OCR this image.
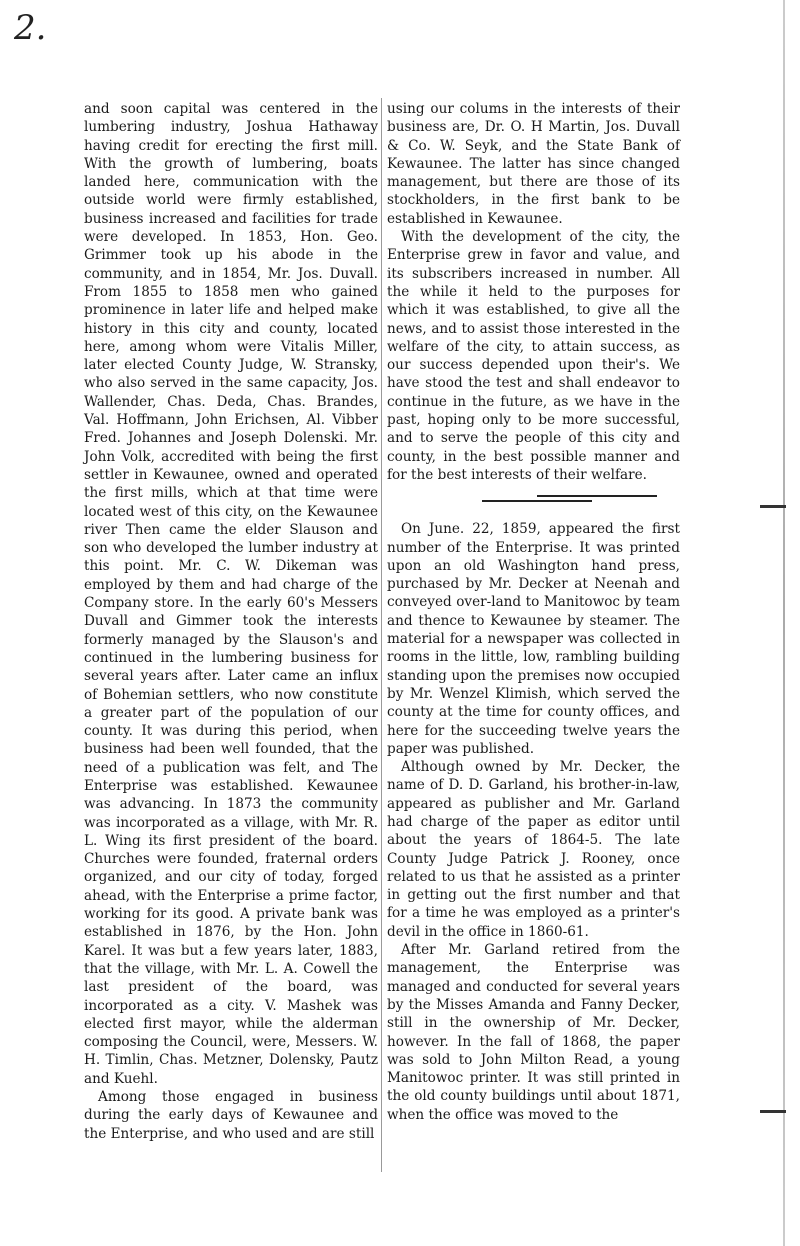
2.

and soon capital was centered in the lumbering industry, Joshua Hathaway having credit for erecting the first mill. With the growth of lumbering, boats landed here, communication with the outside world were firmly established, business increased and facilities for trade were developed. In 1853, Hon. Geo. Grimmer took up his abode in the community, and in 1854, Mr. Jos. Duvall. From 1855 to 1858 men who gained prominence in later life and helped make history in this city and county, located here, among whom were Vitalis Miller, later elected County Judge, W. Stransky, who also served in the same capacity, Jos. Wallender, Chas. Deda, Chas. Brandes, Val. Hoffmann, John Erichsen, Al. Vibber Fred. Johannes and Joseph Dolenski. Mr. John Volk, accredited with being the first settler in Kewaunee, owned and operated the first mills, which at that time were located west of this city, on the Kewaunee river Then came the elder Slauson and son who developed the lumber industry at this point. Mr. C. W. Dikeman was employed by them and had charge of the Company store. In the early 60's Messers Duvall and Gimmer took the interests formerly managed by the Slauson's and continued in the lumbering business for several years after. Later came an influx of Bohemian settlers, who now constitute a greater part of the population of our county. It was during this period, when business had been well founded, that the need of a publication was felt, and The Enterprise was established. Kewaunee was advancing. In 1873 the community was incorporated as a village, with Mr. R. L. Wing its first president of the board. Churches were founded, fraternal orders organized, and our city of today, forged ahead, with the Enterprise a prime factor, working for its good. A private bank was established in 1876, by the Hon. John Karel. It was but a few years later, 1883, that the village, with Mr. L. A. Cowell the last president of the board, was incorporated as a city. V. Mashek was elected first mayor, while the alderman composing the Council, were, Messers. W. H. Timlin, Chas. Metzner, Dolensky, Pautz and Kuehl.

Among those engaged in business during the early days of Kewaunee and the Enterprise, and who used and are still

using our colums in the interests of their business are, Dr. O. H Martin, Jos. Duvall & Co. W. Seyk, and the State Bank of Kewaunee. The latter has since changed management, but there are those of its stockholders, in the first bank to be established in Kewaunee.

With the development of the city, the Enterprise grew in favor and value, and its subscribers increased in number. All the while it held to the purposes for which it was established, to give all the news, and to assist those interested in the welfare of the city, to attain success, as our success depended upon their's. We have stood the test and shall endeavor to continue in the future, as we have in the past, hoping only to be more successful, and to serve the people of this city and county, in the best possible manner and for the best interests of their welfare.

On June. 22, 1859, appeared the first number of the Enterprise. It was printed upon an old Washington hand press, purchased by Mr. Decker at Neenah and conveyed over-land to Manitowoc by team and thence to Kewaunee by steamer. The material for a newspaper was collected in rooms in the little, low, rambling building standing upon the premises now occupied by Mr. Wenzel Klimish, which served the county at the time for county offices, and here for the succeeding twelve years the paper was published.

Although owned by Mr. Decker, the name of D. D. Garland, his brother-in-law, appeared as publisher and Mr. Garland had charge of the paper as editor until about the years of 1864-5. The late County Judge Patrick J. Rooney, once related to us that he assisted as a printer in getting out the first number and that for a time he was employed as a printer's devil in the office in 1860-61.

After Mr. Garland retired from the management, the Enterprise was managed and conducted for several years by the Misses Amanda and Fanny Decker, still in the ownership of Mr. Decker, however. In the fall of 1868, the paper was sold to John Milton Read, a young Manitowoc printer. It was still printed in the old county buildings until about 1871, when the office was moved to the
